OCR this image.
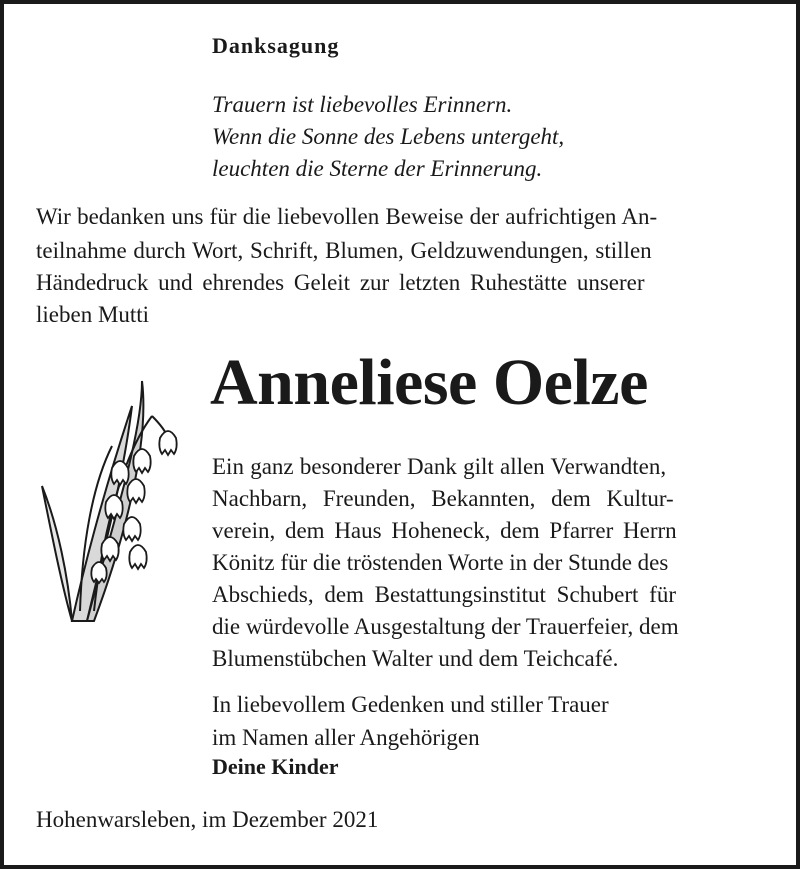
Danksagung
Trauern ist liebevolles Erinnern.
Wenn die Sonne des Lebens untergeht,
leuchten die Sterne der Erinnerung.
Wir bedanken uns für die liebevollen Beweise der aufrichtigen An-
teilnahme durch Wort, Schrift, Blumen, Geldzuwendungen, stillen
Händedruck und ehrendes Geleit zur letzten Ruhestätte unserer
lieben Mutti
Anneliese Oelze
Ein ganz besonderer Dank gilt allen Verwandten,
Nachbarn, Freunden, Bekannten, dem Kultur-
verein, dem Haus Hoheneck, dem Pfarrer Herrn
Könitz für die tröstenden Worte in der Stunde des
Abschieds, dem Bestattungsinstitut Schubert für
die würdevolle Ausgestaltung der Trauerfeier, dem
Blumenstübchen Walter und dem Teichcafé.
In liebevollem Gedenken und stiller Trauer
im Namen aller Angehörigen
Deine Kinder
Hohenwarsleben, im Dezember 2021
